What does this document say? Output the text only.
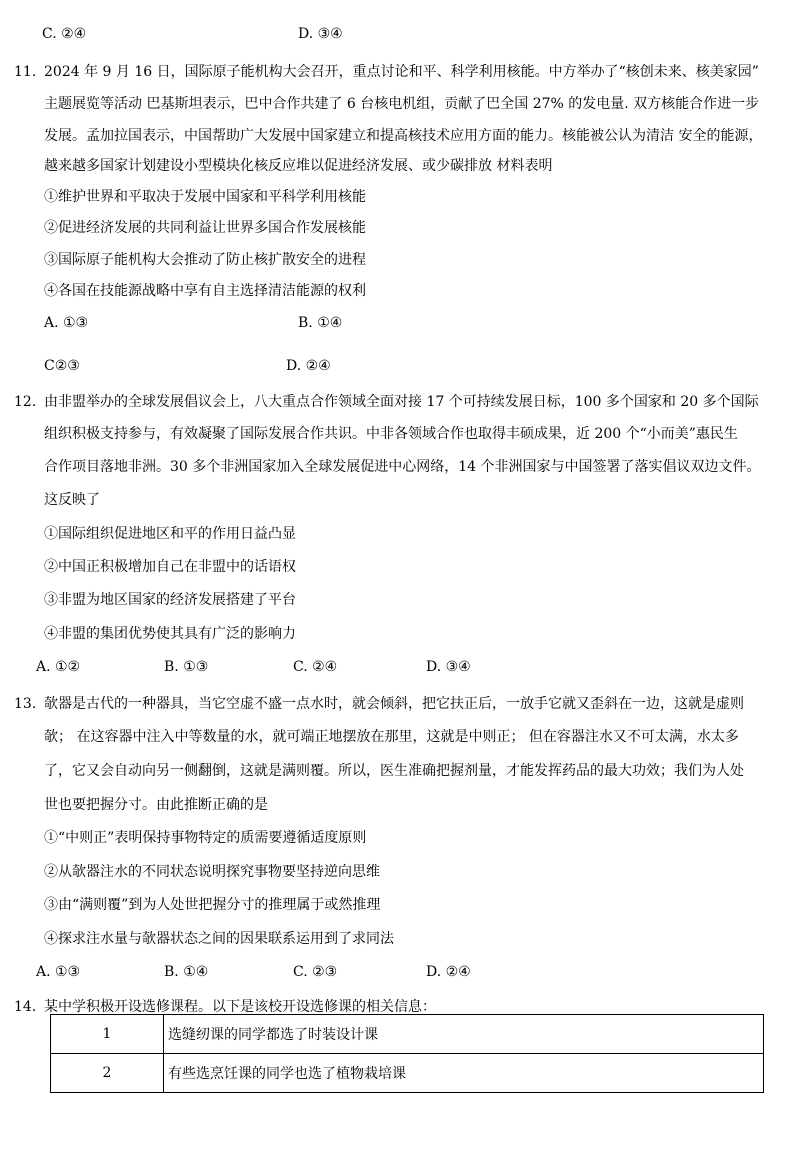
C. ②④	D. ③④
11. 2024 年 9 月 16 日，国际原子能机构大会召开，重点讨论和平、科学利用核能。中方举办了“核创未来、核美家园”
主题展览等活动 巴基斯坦表示，巴中合作共建了 6 台核电机组，贡献了巴全国 27% 的发电量. 双方核能合作进一步
发展。孟加拉国表示，中国帮助广大发展中国家建立和提高核技术应用方面的能力。核能被公认为清洁 安全的能源，
越来越多国家计划建设小型模块化核反应堆以促进经济发展、或少碳排放 材料表明
①维护世界和平取决于发展中国家和平科学利用核能
②促进经济发展的共同利益让世界多国合作发展核能
③国际原子能机构大会推动了防止核扩散安全的进程
④各国在技能源战略中享有自主选择清洁能源的权利
A. ①③	B. ①④
C②③	D. ②④
12. 由非盟举办的全球发展倡议会上，八大重点合作领域全面对接 17 个可持续发展日标，100 多个国家和 20 多个国际
组织积极支持参与，有效凝聚了国际发展合作共识。中非各领域合作也取得丰硕成果，近 200 个“小而美”惠民生
合作项目落地非洲。30 多个非洲国家加入全球发展促进中心网络，14 个非洲国家与中国签署了落实倡议双边文件。
这反映了
①国际组织促进地区和平的作用日益凸显
②中国正积极增加自己在非盟中的话语权
③非盟为地区国家的经济发展搭建了平台
④非盟的集团优势使其具有广泛的影响力
A. ①②	B. ①③	C. ②④	D. ③④
13. 欹器是古代的一种器具，当它空虚不盛一点水时，就会倾斜，把它扶正后，一放手它就又歪斜在一边，这就是虚则
欹； 在这容器中注入中等数量的水，就可端正地摆放在那里，这就是中则正； 但在容器注水又不可太满，水太多
了，它又会自动向另一侧翻倒，这就是满则覆。所以，医生准确把握剂量，才能发挥药品的最大功效；我们为人处
世也要把握分寸。由此推断正确的是
①“中则正”表明保持事物特定的质需要遵循适度原则
②从欹器注水的不同状态说明探究事物要坚持逆向思维
③由“满则覆”到为人处世把握分寸的推理属于或然推理
④探求注水量与欹器状态之间的因果联系运用到了求同法
A. ①③	B. ①④	C. ②③	D. ②④
14. 某中学积极开设选修课程。以下是该校开设选修课的相关信息：
1	选缝纫课的同学都选了时装设计课
2	有些选烹饪课的同学也选了植物栽培课
